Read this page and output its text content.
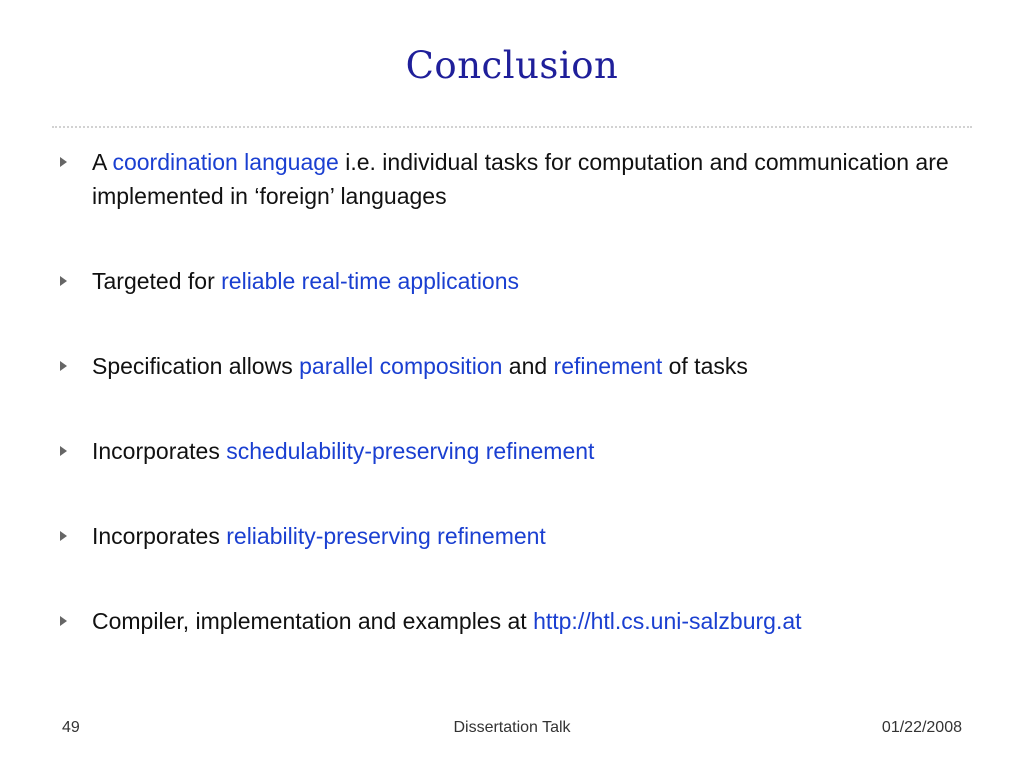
Conclusion
A coordination language i.e. individual tasks for computation and communication are implemented in ‘foreign’ languages
Targeted for reliable real-time applications
Specification allows parallel composition and refinement of tasks
Incorporates schedulability-preserving refinement
Incorporates reliability-preserving refinement
Compiler, implementation and examples at http://htl.cs.uni-salzburg.at
49	Dissertation Talk	01/22/2008
